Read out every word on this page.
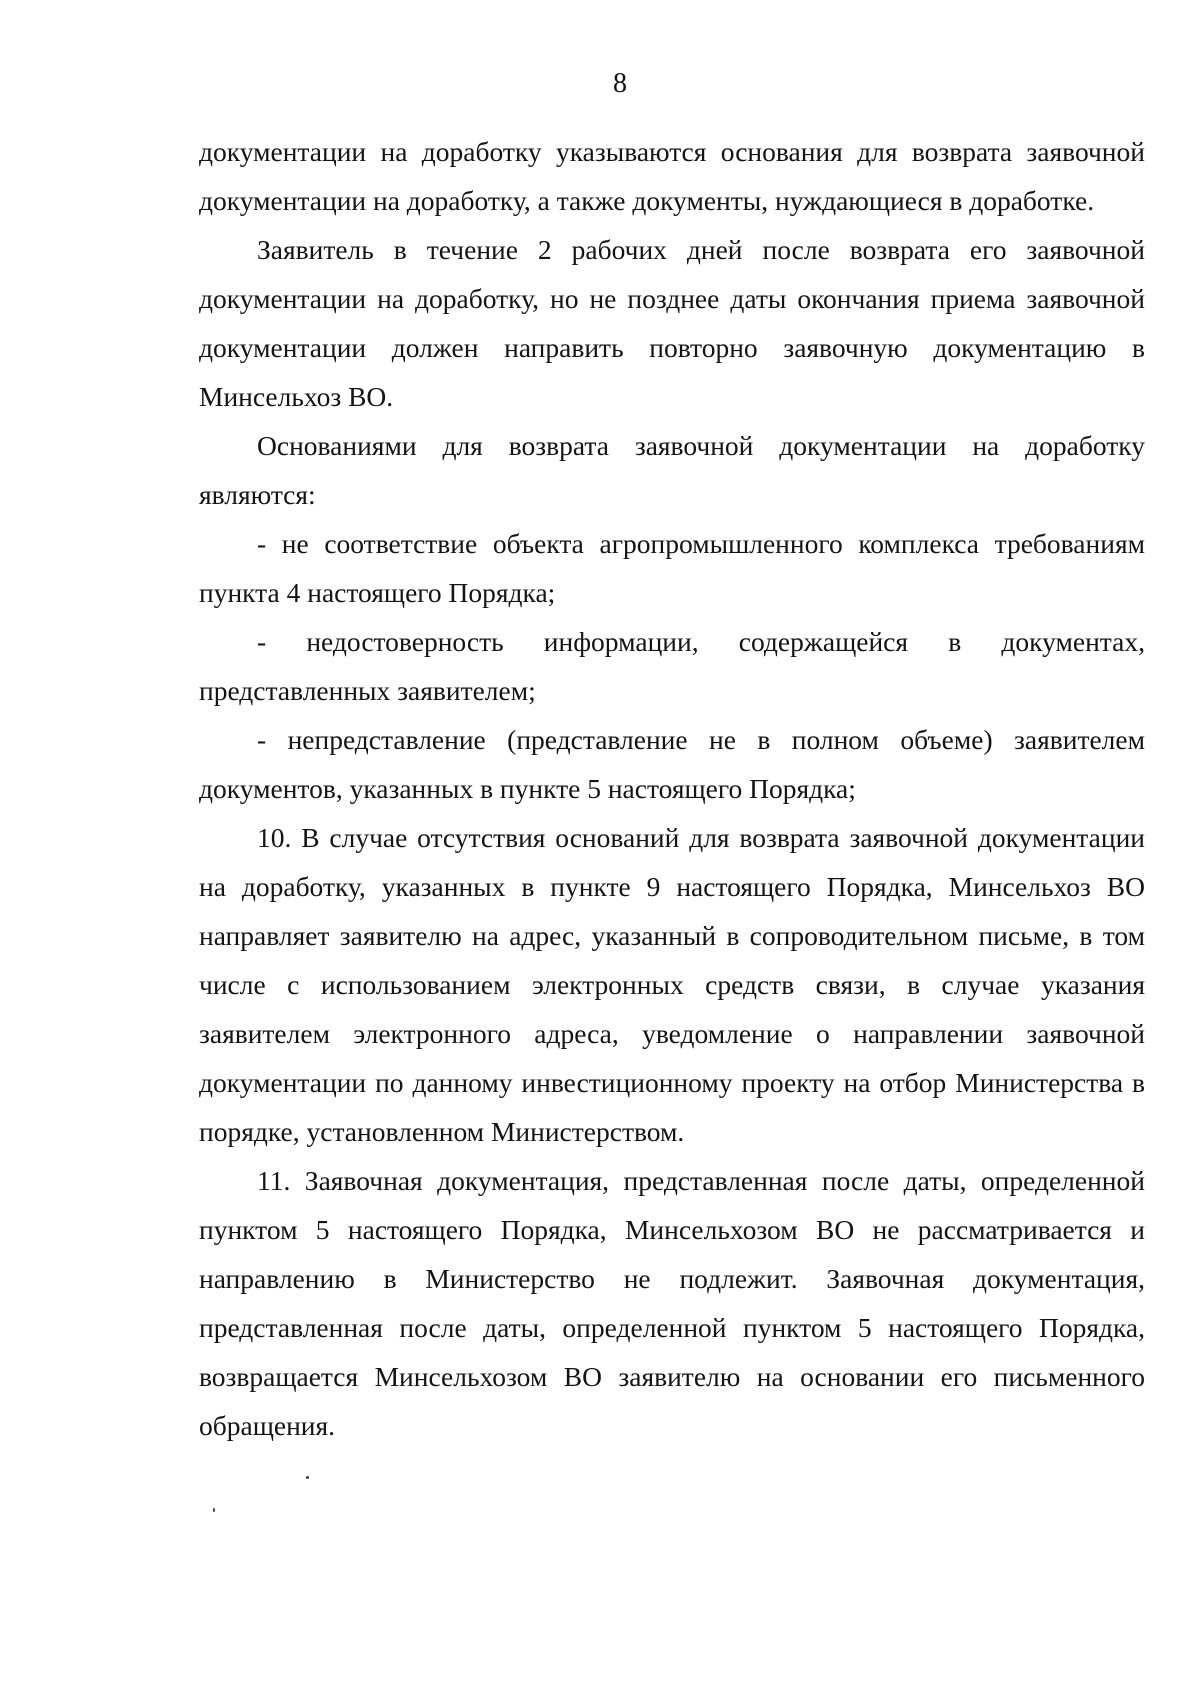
8

документации на доработку указываются основания для возврата заявочной документации на доработку, а также документы, нуждающиеся в доработке.

Заявитель в течение 2 рабочих дней после возврата его заявочной документации на доработку, но не позднее даты окончания приема заявочной документации должен направить повторно заявочную документацию в Минсельхоз ВО.

Основаниями для возврата заявочной документации на доработку являются:

- не соответствие объекта агропромышленного комплекса требованиям пункта 4 настоящего Порядка;

- недостоверность информации, содержащейся в документах, представленных заявителем;

- непредставление (представление не в полном объеме) заявителем документов, указанных в пункте 5 настоящего Порядка;

10. В случае отсутствия оснований для возврата заявочной документации на доработку, указанных в пункте 9 настоящего Порядка, Минсельхоз ВО направляет заявителю на адрес, указанный в сопроводительном письме, в том числе с использованием электронных средств связи, в случае указания заявителем электронного адреса, уведомление о направлении заявочной документации по данному инвестиционному проекту на отбор Министерства в порядке, установленном Министерством.

11. Заявочная документация, представленная после даты, определенной пунктом 5 настоящего Порядка, Минсельхозом ВО не рассматривается и направлению в Министерство не подлежит. Заявочная документация, представленная после даты, определенной пунктом 5 настоящего Порядка, возвращается Минсельхозом ВО заявителю на основании его письменного обращения.
